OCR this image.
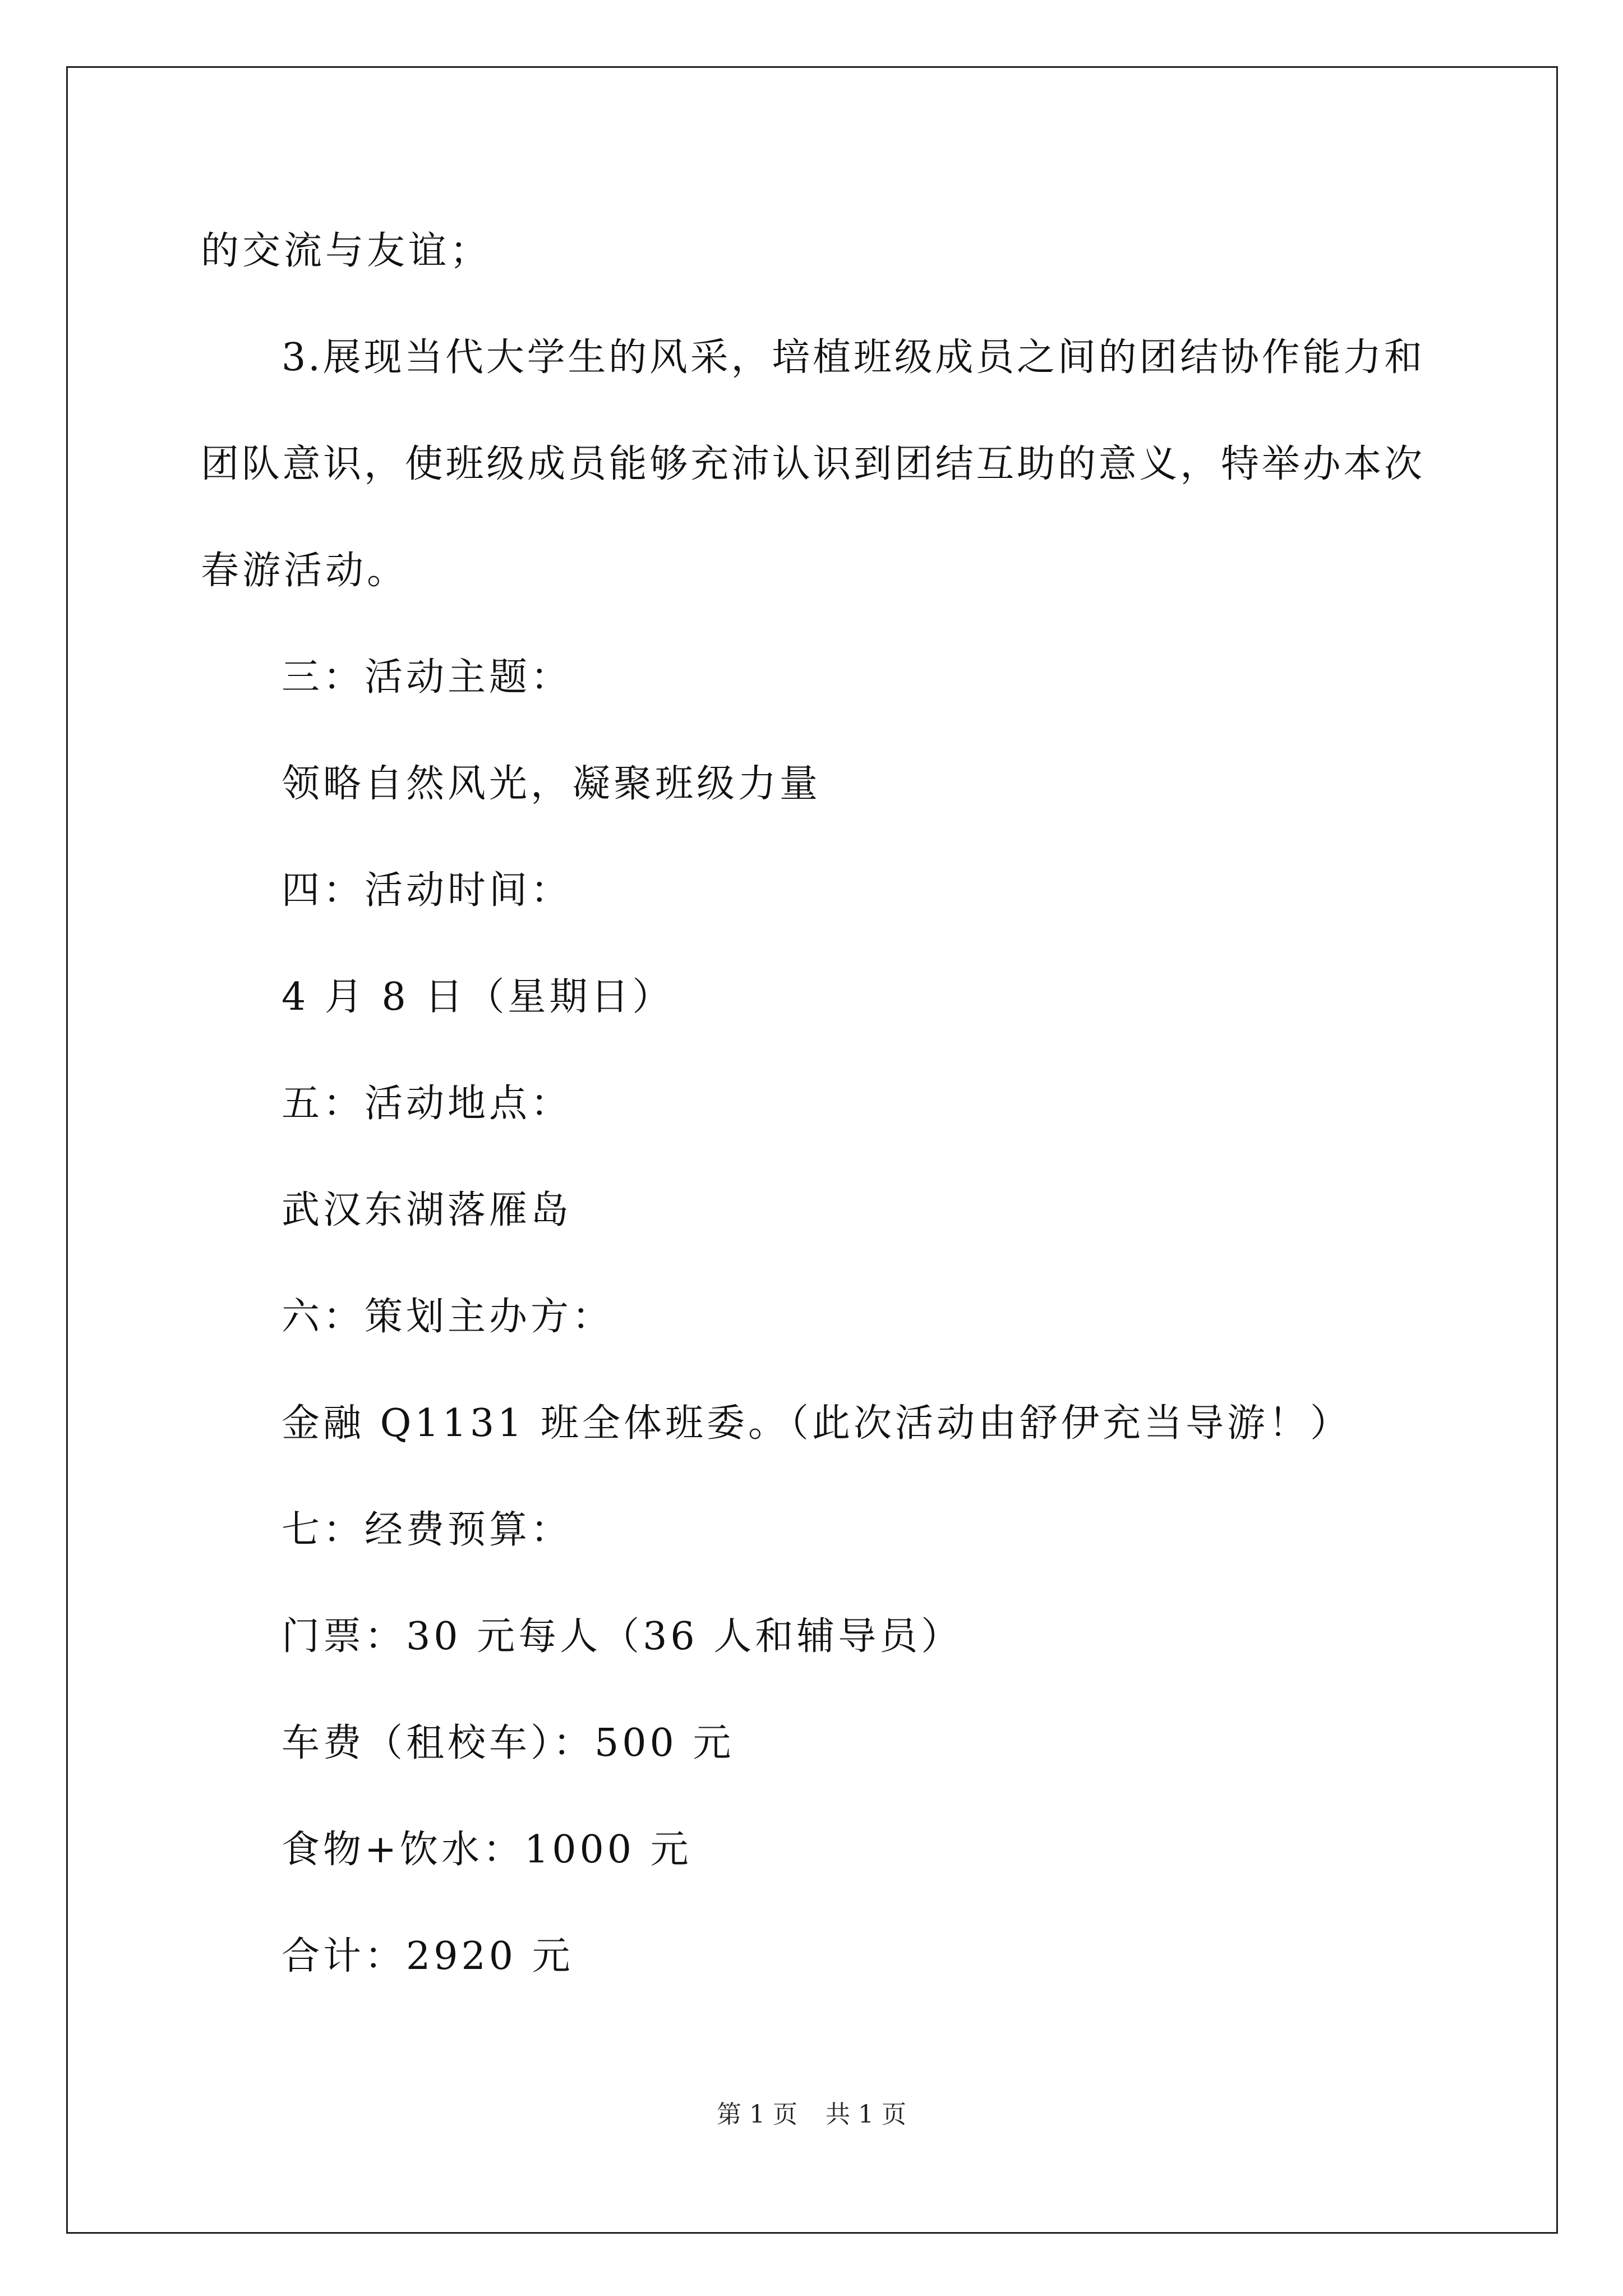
的交流与友谊；
3.展现当代大学生的风采，培植班级成员之间的团结协作能力和
团队意识，使班级成员能够充沛认识到团结互助的意义，特举办本次
春游活动。
三：活动主题：
领略自然风光，凝聚班级力量
四：活动时间：
4 月 8 日（星期日）
五：活动地点：
武汉东湖落雁岛
六：策划主办方：
金融 Q1131 班全体班委。（此次活动由舒伊充当导游！）
七：经费预算：
门票：30 元每人（36 人和辅导员）
车费（租校车）：500 元
食物+饮水：1000 元
合计：2920 元
第 1 页 共 1 页
